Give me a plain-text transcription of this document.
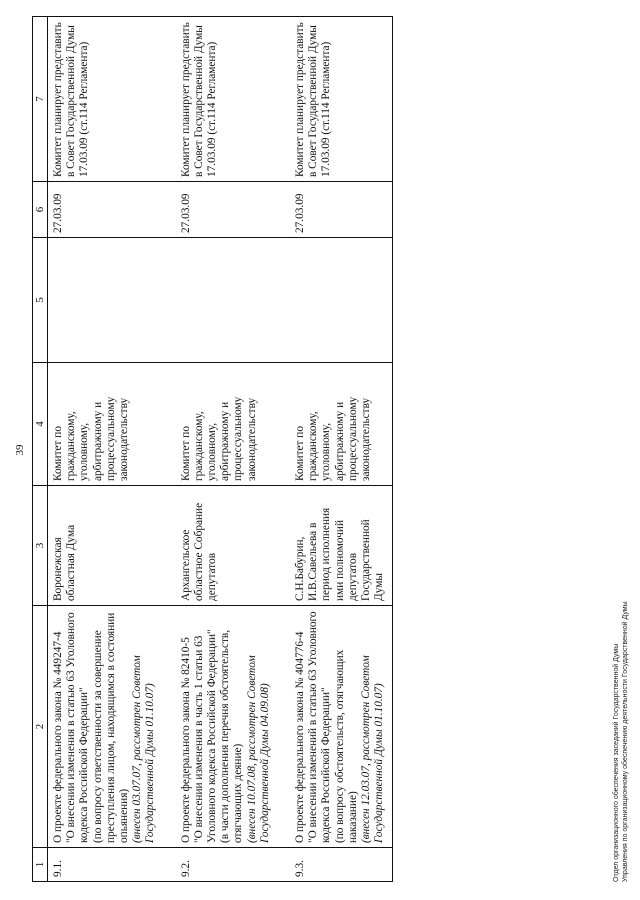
39
1	2	3	4	5	6	7
9.1.	О проекте федерального закона № 449247-4 "О внесении изменения в статью 63 Уголовного кодекса Российской Федерации" (по вопросу ответственности за совершение преступления лицом, находящимся в состоянии опьянения) (внесен 03.07.07, рассмотрен Советом Государственной Думы 01.10.07)	Воронежская областная Дума	Комитет по гражданскому, уголовному, арбитражному и процессуальному законодательству		27.03.09	Комитет планирует представить в Совет Государственной Думы 17.03.09 (ст.114 Регламента)
9.2.	О проекте федерального закона № 82410-5 "О внесении изменения в часть 1 статьи 63 Уголовного кодекса Российской Федерации" (в части дополнения перечня обстоятельств, отягчающих деяние) (внесен 10.07.08, рассмотрен Советом Государственной Думы 04.09.08)	Архангельское областное Собрание депутатов	Комитет по гражданскому, уголовному, арбитражному и процессуальному законодательству		27.03.09	Комитет планирует представить в Совет Государственной Думы 17.03.09 (ст.114 Регламента)
9.3.	О проекте федерального закона № 404776-4 "О внесении изменений в статью 63 Уголовного кодекса Российской Федерации" (по вопросу обстоятельств, отягчающих наказание) (внесен 12.03.07, рассмотрен Советом Государственной Думы 01.10.07)	С.Н.Бабурин, И.В.Савельева в период исполнения ими полномочий депутатов Государственной Думы	Комитет по гражданскому, уголовному, арбитражному и процессуальному законодательству		27.03.09	Комитет планирует представить в Совет Государственной Думы 17.03.09 (ст.114 Регламента)
Отдел организационного обеспечения заседаний Государственной Думы Управления по организационному обеспечению деятельности Государственной Думы
